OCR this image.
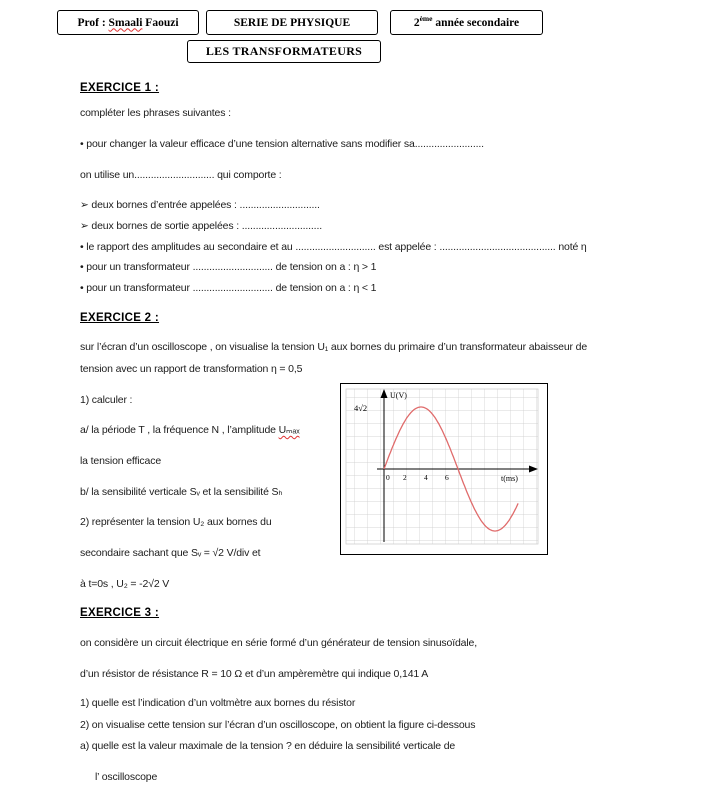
Prof : Smaali Faouzi	SERIE DE PHYSIQUE	2ème année secondaire
LES TRANSFORMATEURS
EXERCICE 1 :
compléter les phrases suivantes :
• pour changer la valeur efficace d’une tension alternative sans modifier sa.........................
on utilise un............................. qui comporte :
➢ deux bornes d’entrée appelées : .............................
➢ deux bornes de sortie appelées : .............................
• le rapport des amplitudes au secondaire et au ............................. est appelée : .......................................... noté η
• pour un transformateur ............................. de tension on a : η > 1
• pour un transformateur ............................. de tension on a : η < 1
EXERCICE 2 :
sur l’écran d’un oscilloscope , on visualise la tension U₁ aux bornes du primaire d’un transformateur abaisseur de
tension avec un rapport de transformation η = 0,5
1) calculer :
a/ la période T , la fréquence N , l’amplitude Uₘₐₓ
la tension efficace
b/ la sensibilité verticale Sᵥ et la sensibilité Sₕ
2) représenter la tension U₂ aux bornes du
secondaire sachant que Sᵥ = √2 V/div et
à t=0s , U₂ = -2√2 V
4√2
U(V)
t(ms)
0 2 4 6
EXERCICE 3 :
on considère un circuit électrique en série formé d’un générateur de tension sinusoïdale,
d’un résistor de résistance R = 10 Ω et d’un ampèremètre qui indique 0,141 A
1) quelle est l’indication d’un voltmètre aux bornes du résistor
2) on visualise cette tension sur l’écran d’un oscilloscope, on obtient la figure ci-dessous
a) quelle est la valeur maximale de la tension ? en déduire la sensibilité verticale de
l’ oscilloscope
